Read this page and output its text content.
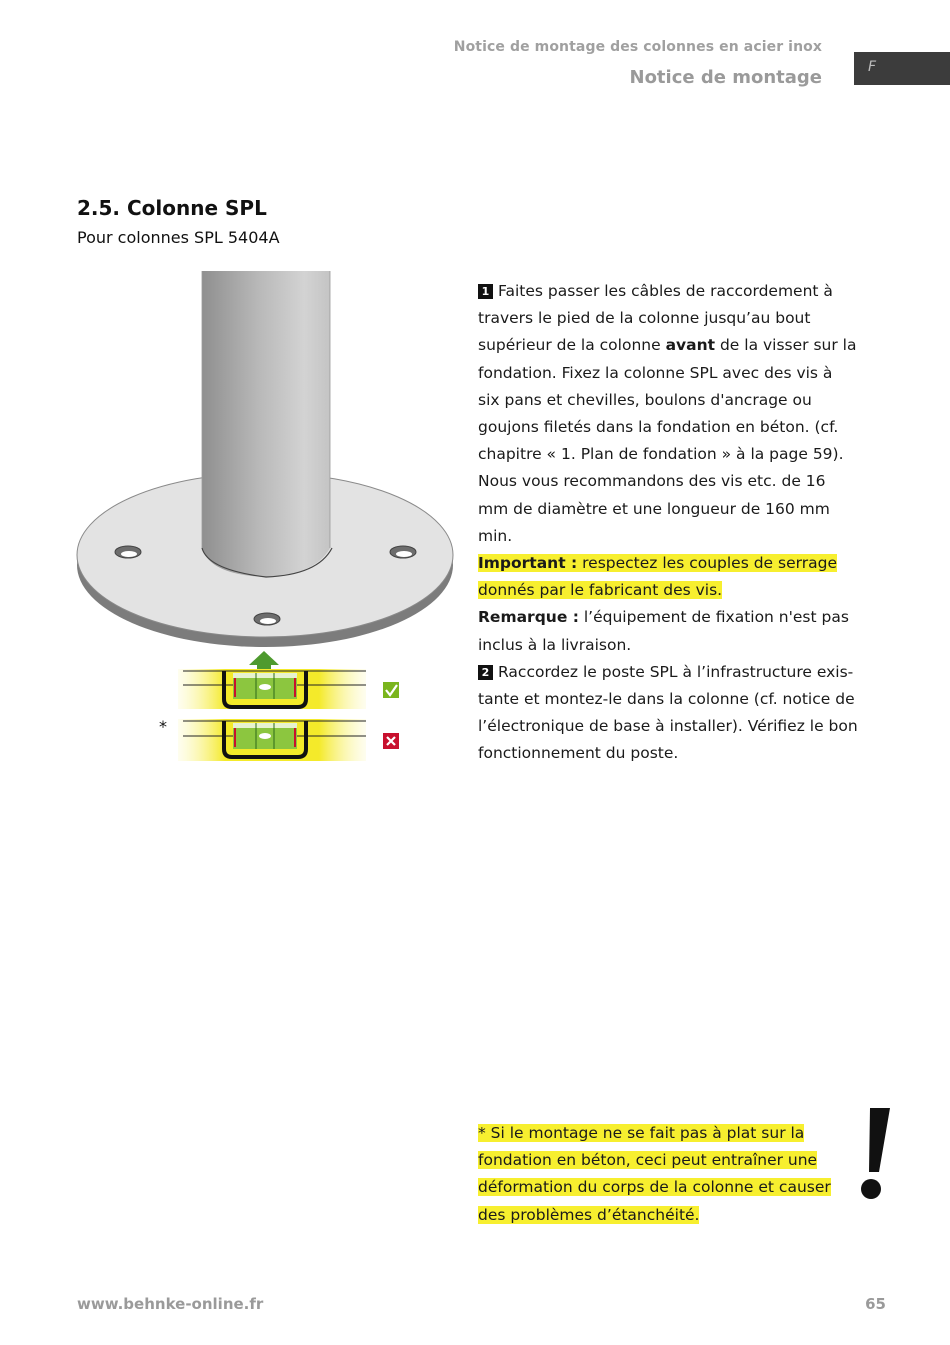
Notice de montage des colonnes en acier inox
Notice de montage	F
2.5. Colonne SPL
Pour colonnes SPL 5404A
*

1 Faites passer les câbles de raccordement à travers le pied de la colonne jusqu’au bout supérieur de la colonne avant de la visser sur la fondation. Fixez la colonne SPL avec des vis à six pans et chevilles, boulons d'ancrage ou goujons filetés dans la fondation en béton. (cf. chapitre « 1. Plan de fondation » à la page 59). Nous vous recommandons des vis etc. de 16 mm de diamètre et une longueur de 160 mm min.

Important : respectez les couples de serrage donnés par le fabricant des vis.

Remarque : l’équipement de fixation n'est pas inclus à la livraison.

2 Raccordez le poste SPL à l’infrastructure exis-tante et montez-le dans la colonne (cf. notice de l’électronique de base à installer). Vérifiez le bon fonctionnement du poste.

* Si le montage ne se fait pas à plat sur la fondation en béton, ceci peut entraîner une déformation du corps de la colonne et causer des problèmes d’étanchéité.

!
www.behnke-online.fr	65
